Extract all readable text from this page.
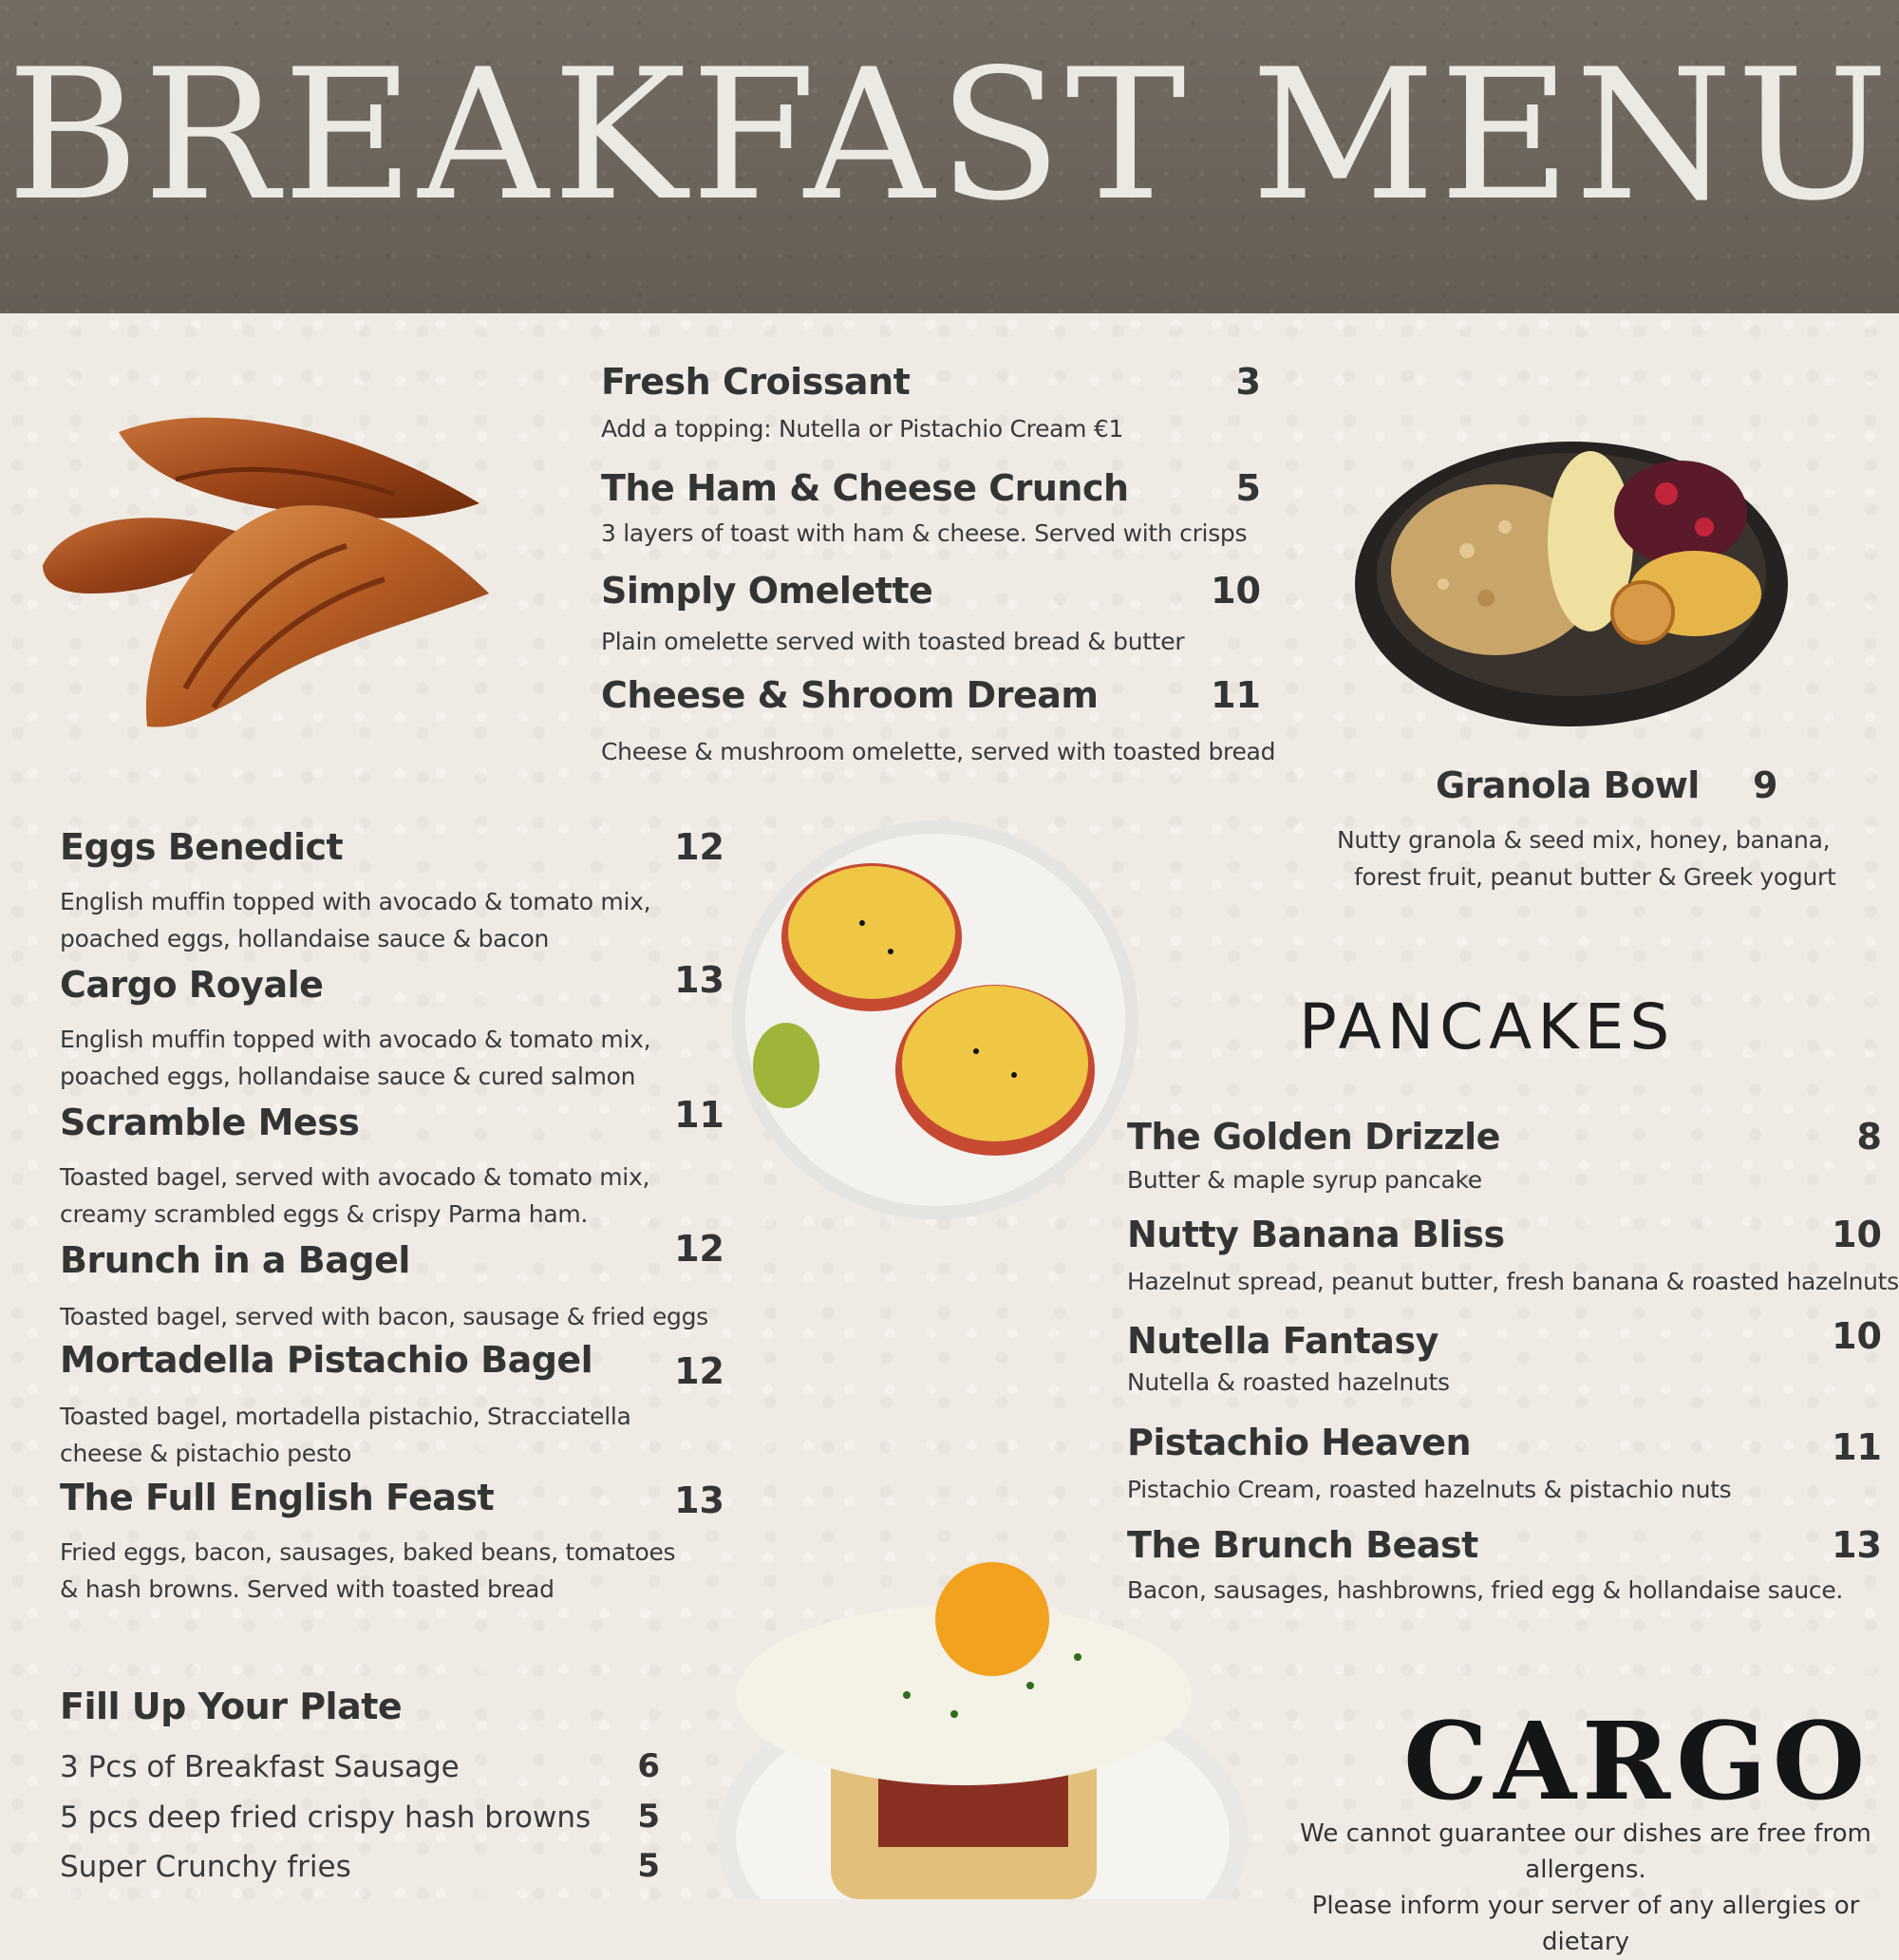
BREAKFAST MENU
Fresh Croissant	3
Add a topping: Nutella or Pistachio Cream €1
The Ham & Cheese Crunch	5
3 layers of toast with ham & cheese. Served with crisps
Simply Omelette	10
Plain omelette served with toasted bread & butter
Cheese & Shroom Dream	11
Cheese & mushroom omelette, served with toasted bread
Granola Bowl 9
Nutty granola & seed mix, honey, banana,
forest fruit, peanut butter & Greek yogurt
Eggs Benedict	12
English muffin topped with avocado & tomato mix,
poached eggs, hollandaise sauce & bacon
Cargo Royale	13
English muffin topped with avocado & tomato mix,
poached eggs, hollandaise sauce & cured salmon
Scramble Mess	11
Toasted bagel, served with avocado & tomato mix,
creamy scrambled eggs & crispy Parma ham.
Brunch in a Bagel	12
Toasted bagel, served with bacon, sausage & fried eggs
Mortadella Pistachio Bagel 12
Toasted bagel, mortadella pistachio, Stracciatella
cheese & pistachio pesto
The Full English Feast	13
Fried eggs, bacon, sausages, baked beans, tomatoes
& hash browns. Served with toasted bread
PANCAKES
The Golden Drizzle	8
Butter & maple syrup pancake
Nutty Banana Bliss	10
Hazelnut spread, peanut butter, fresh banana & roasted hazelnuts
Nutella Fantasy	10
Nutella & roasted hazelnuts
Pistachio Heaven	11
Pistachio Cream, roasted hazelnuts & pistachio nuts
The Brunch Beast	13
Bacon, sausages, hashbrowns, fried egg & hollandaise sauce.
Fill Up Your Plate
3 Pcs of Breakfast Sausage	6
5 pcs deep fried crispy hash browns	5
Super Crunchy fries	5
CARGO
We cannot guarantee our dishes are free from allergens.
Please inform your server of any allergies or dietary
